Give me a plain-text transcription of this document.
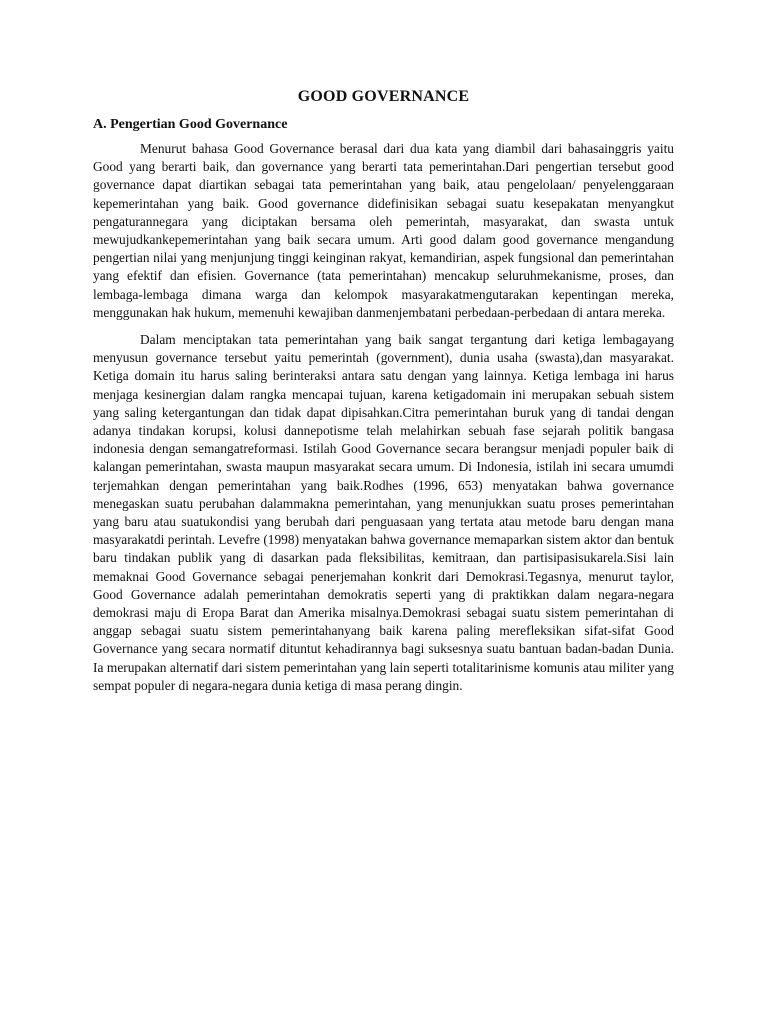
GOOD GOVERNANCE
A. Pengertian Good Governance

Menurut bahasa Good Governance berasal dari dua kata yang diambil dari bahasainggris yaitu Good yang berarti baik, dan governance yang berarti tata pemerintahan.Dari pengertian tersebut good governance dapat diartikan sebagai tata pemerintahan yang baik, atau pengelolaan/ penyelenggaraan kepemerintahan yang baik. Good governance didefinisikan sebagai suatu kesepakatan menyangkut pengaturannegara yang diciptakan bersama oleh pemerintah, masyarakat, dan swasta untuk mewujudkankepemerintahan yang baik secara umum. Arti good dalam good governance mengandung pengertian nilai yang menjunjung tinggi keinginan rakyat, kemandirian, aspek fungsional dan pemerintahan yang efektif dan efisien. Governance (tata pemerintahan) mencakup seluruhmekanisme, proses, dan lembaga-lembaga dimana warga dan kelompok masyarakatmengutarakan kepentingan mereka, menggunakan hak hukum, memenuhi kewajiban danmenjembatani perbedaan-perbedaan di antara mereka.

Dalam menciptakan tata pemerintahan yang baik sangat tergantung dari ketiga lembagayang menyusun governance tersebut yaitu pemerintah (government), dunia usaha (swasta),dan masyarakat. Ketiga domain itu harus saling berinteraksi antara satu dengan yang lainnya. Ketiga lembaga ini harus menjaga kesinergian dalam rangka mencapai tujuan, karena ketigadomain ini merupakan sebuah sistem yang saling ketergantungan dan tidak dapat dipisahkan.Citra pemerintahan buruk yang di tandai dengan adanya tindakan korupsi, kolusi dannepotisme telah melahirkan sebuah fase sejarah politik bangasa indonesia dengan semangatreformasi. Istilah Good Governance secara berangsur menjadi populer baik di kalangan pemerintahan, swasta maupun masyarakat secara umum. Di Indonesia, istilah ini secara umumdi terjemahkan dengan pemerintahan yang baik.Rodhes (1996, 653) menyatakan bahwa governance menegaskan suatu perubahan dalammakna pemerintahan, yang menunjukkan suatu proses pemerintahan yang baru atau suatukondisi yang berubah dari penguasaan yang tertata atau metode baru dengan mana masyarakatdi perintah. Levefre (1998) menyatakan bahwa governance memaparkan sistem aktor dan bentuk baru tindakan publik yang di dasarkan pada fleksibilitas, kemitraan, dan partisipasisukarela.Sisi lain memaknai Good Governance sebagai penerjemahan konkrit dari Demokrasi.Tegasnya, menurut taylor, Good Governance adalah pemerintahan demokratis seperti yang di praktikkan dalam negara-negara demokrasi maju di Eropa Barat dan Amerika misalnya.Demokrasi sebagai suatu sistem pemerintahan di anggap sebagai suatu sistem pemerintahanyang baik karena paling merefleksikan sifat-sifat Good Governance yang secara normatif dituntut kehadirannya bagi suksesnya suatu bantuan badan-badan Dunia. Ia merupakan alternatif dari sistem pemerintahan yang lain seperti totalitarinisme komunis atau militer yang sempat populer di negara-negara dunia ketiga di masa perang dingin.
